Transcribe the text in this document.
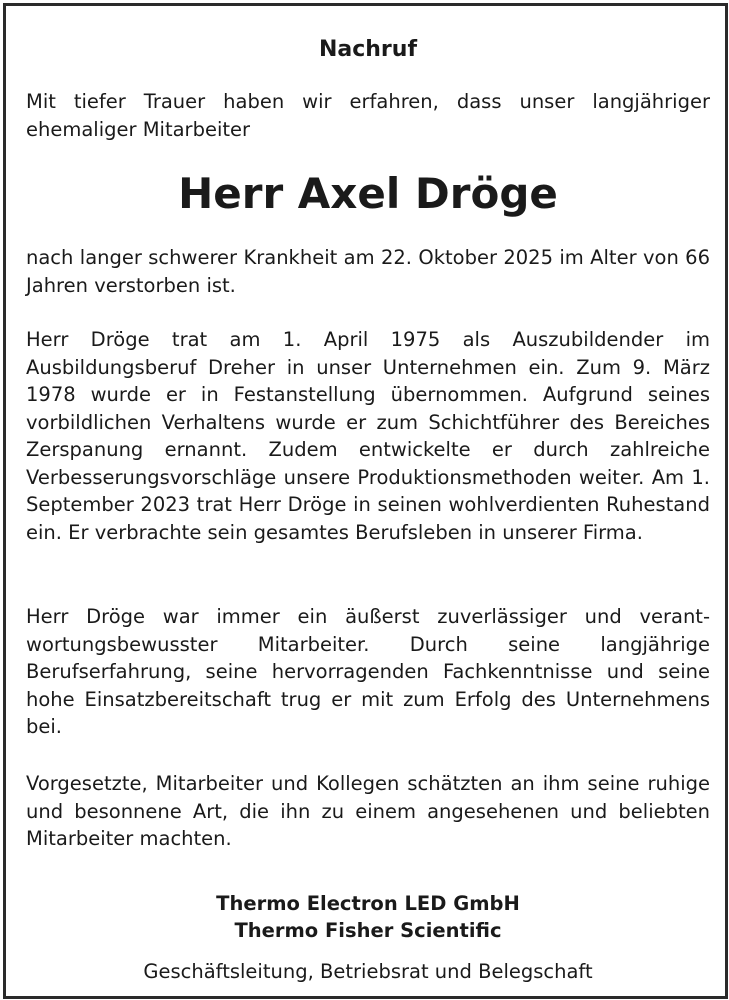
Nachruf
Mit tiefer Trauer haben wir erfahren, dass unser langjähriger ehemaliger Mitarbeiter
Herr Axel Dröge
nach langer schwerer Krankheit am 22. Oktober 2025 im Alter von 66 Jahren verstorben ist.
Herr Dröge trat am 1. April 1975 als Auszubildender im Ausbildungsberuf Dreher in unser Unternehmen ein. Zum 9. März 1978 wurde er in Festanstellung übernommen. Aufgrund seines vorbildlichen Verhaltens wurde er zum Schichtführer des Bereiches Zerspanung ernannt. Zudem entwickelte er durch zahlreiche Verbesserungsvorschläge unsere Produktionsmethoden weiter. Am 1. September 2023 trat Herr Dröge in seinen wohlverdienten Ruhestand ein. Er verbrachte sein gesamtes Berufsleben in unserer Firma.
Herr Dröge war immer ein äußerst zuverlässiger und verantwortungsbewusster Mitarbeiter. Durch seine langjährige Berufserfahrung, seine hervorragenden Fachkenntnisse und seine hohe Einsatzbereitschaft trug er mit zum Erfolg des Unternehmens bei.
Vorgesetzte, Mitarbeiter und Kollegen schätzten an ihm seine ruhige und besonnene Art, die ihn zu einem angesehenen und beliebten Mitarbeiter machten.
Thermo Electron LED GmbH
Thermo Fisher Scientific
Geschäftsleitung, Betriebsrat und Belegschaft
